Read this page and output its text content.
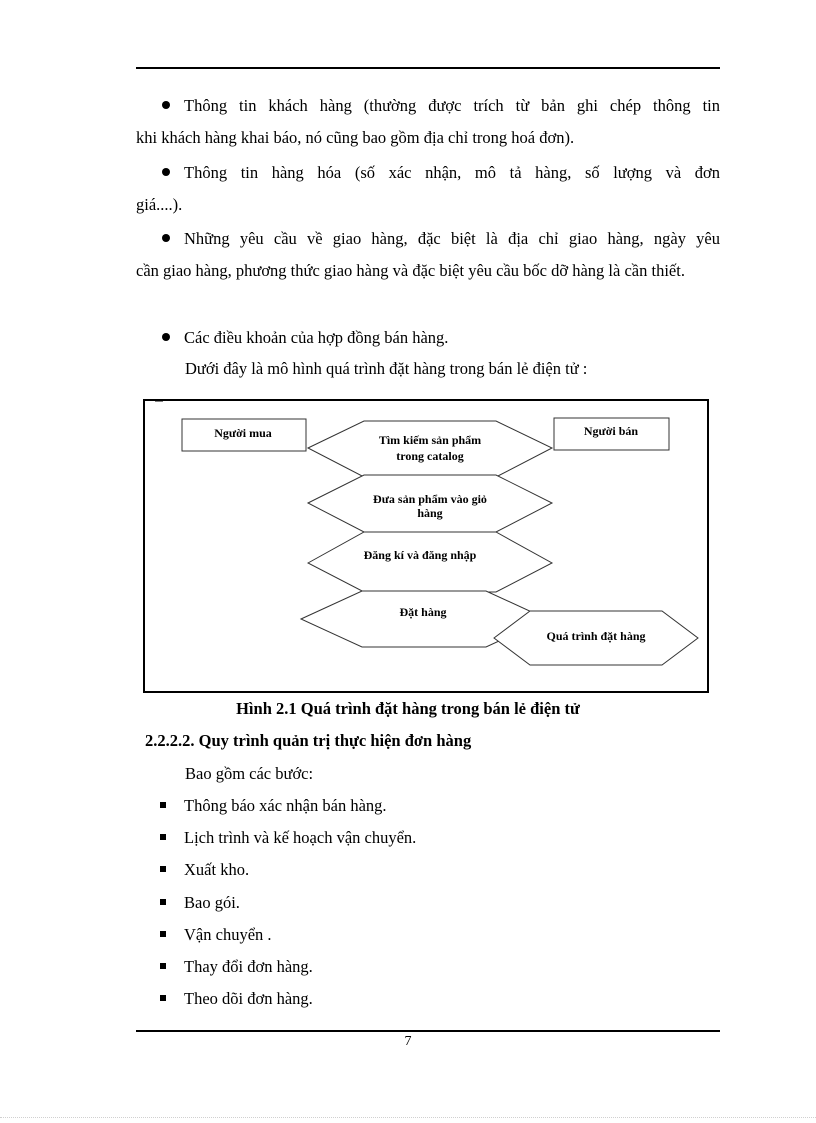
Thông tin khách hàng (thường được trích từ bản ghi chép thông tin
khi khách hàng khai báo, nó cũng bao gồm địa chỉ trong hoá đơn).
Thông tin hàng hóa (số xác nhận, mô tả hàng, số lượng và đơn
giá....).
Những yêu cầu về giao hàng, đặc biệt là địa chỉ giao hàng, ngày yêu
cần giao hàng, phương thức giao hàng và đặc biệt yêu cầu bốc dỡ hàng là cần thiết.
Các điều khoản của hợp đồng bán hàng.
Dưới đây là mô hình quá trình đặt hàng trong bán lẻ điện tử :
Người mua	Người bán
Tìm kiếm sản phẩm
trong catalog
Đưa sản phẩm vào giỏ
hàng
Đăng kí và đăng nhập
Đặt hàng
Quá trình đặt hàng
Hình 2.1 Quá trình đặt hàng trong bán lẻ điện tử
2.2.2.2. Quy trình quản trị thực hiện đơn hàng
Bao gồm các bước:
Thông báo xác nhận bán hàng.
Lịch trình và kế hoạch vận chuyển.
Xuất kho.
Bao gói.
Vận chuyển .
Thay đổi đơn hàng.
Theo dõi đơn hàng.
7
